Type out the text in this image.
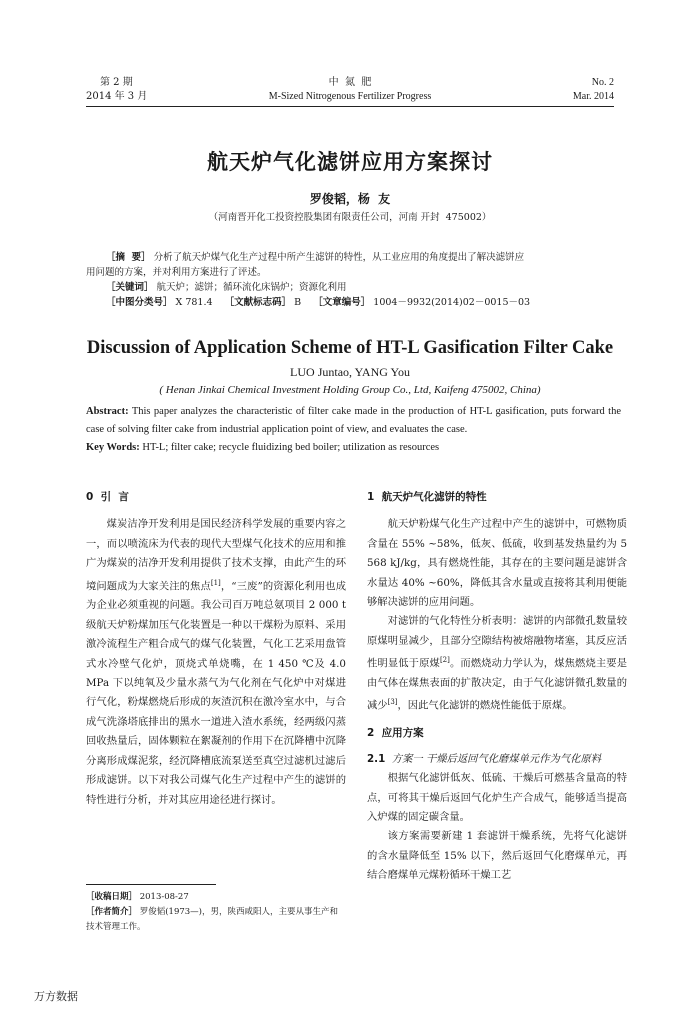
第 2 期
2014 年 3 月
中  氮  肥
M-Sized Nitrogenous Fertilizer Progress
No. 2
Mar. 2014
航天炉气化滤饼应用方案探讨
罗俊韬，杨  友
（河南晋开化工投资控股集团有限责任公司，河南 开封  475002）
［摘  要］ 分析了航天炉煤气化生产过程中所产生滤饼的特性，从工业应用的角度提出了解决滤饼应
用问题的方案，并对利用方案进行了评述。
［关键词］ 航天炉；滤饼；循环流化床锅炉；资源化利用
［中图分类号］ X 781.4 ［文献标志码］ B ［文章编号］ 1004－9932(2014)02－0015－03
Discussion of Application Scheme of HT-L Gasification Filter Cake
LUO Juntao, YANG You
( Henan Jinkai Chemical Investment Holding Group Co., Ltd, Kaifeng 475002, China)
Abstract: This paper analyzes the characteristic of filter cake made in the production of HT-L gasification, puts forward the case of solving filter cake from industrial application point of view, and evaluates the case.
Key Words: HT-L; filter cake; recycle fluidizing bed boiler; utilization as resources
0  引  言

煤炭洁净开发利用是国民经济科学发展的重要内容之一，而以喷流床为代表的现代大型煤气化技术的应用和推广为煤炭的洁净开发利用提供了技术支撑，由此产生的环境问题成为大家关注的焦点[1]，“三废”的资源化利用也成为企业必须重视的问题。我公司百万吨总氨项目 2 000 t 级航天炉粉煤加压气化装置是一种以干煤粉为原料、采用激冷流程生产粗合成气的煤气化装置，气化工艺采用盘管式水冷壁气化炉，顶烧式单烧嘴，在 1 450 ℃及 4.0 MPa 下以纯氧及少量水蒸气为气化剂在气化炉中对煤进行气化，粉煤燃烧后形成的灰渣沉积在激冷室水中，与合成气洗涤塔底排出的黑水一道进入渣水系统，经两级闪蒸回收热量后，固体颗粒在絮凝剂的作用下在沉降槽中沉降分离形成煤泥浆，经沉降槽底流泵送至真空过滤机过滤后形成滤饼。以下对我公司煤气化生产过程中产生的滤饼的特性进行分析，并对其应用途径进行探讨。

1  航天炉气化滤饼的特性

航天炉粉煤气化生产过程中产生的滤饼中，可燃物质含量在 55% ~58%，低灰、低硫，收到基发热量约为 5 568 kJ/kg，具有燃烧性能，其存在的主要问题是滤饼含水量达 40% ~60%，降低其含水量或直接将其利用便能够解决滤饼的应用问题。

对滤饼的气化特性分析表明：滤饼的内部微孔数量较原煤明显减少，且部分空隙结构被熔融物堵塞，其反应活性明显低于原煤[2]。而燃烧动力学认为，煤焦燃烧主要是由气体在煤焦表面的扩散决定，由于气化滤饼微孔数量的减少[3]，因此气化滤饼的燃烧性能低于原煤。

2  应用方案
2.1 方案一 干燥后返回气化磨煤单元作为气化原料

根据气化滤饼低灰、低硫、干燥后可燃基含量高的特点，可将其干燥后返回气化炉生产合成气，能够适当提高入炉煤的固定碳含量。

该方案需要新建 1 套滤饼干燥系统，先将气化滤饼的含水量降低至 15% 以下，然后返回气化磨煤单元，再结合磨煤单元煤粉循环干燥工艺

［收稿日期］ 2013-08-27
［作者简介］ 罗俊韬(1973—)，男，陕西咸阳人，主要从事生产和技术管理工作。
万方数据
